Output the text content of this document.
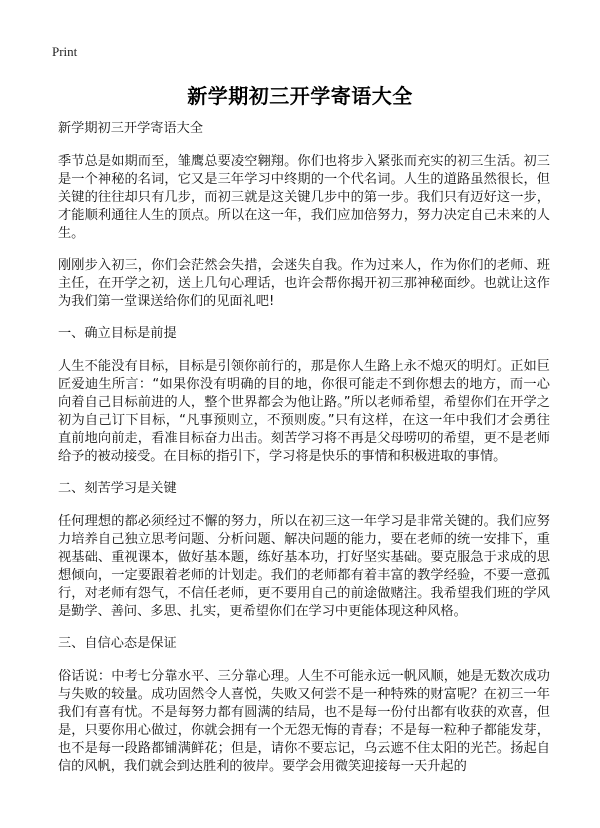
Print
新学期初三开学寄语大全

新学期初三开学寄语大全

季节总是如期而至，雏鹰总要凌空翱翔。你们也将步入紧张而充实的初三生活。初三是一个神秘的名词，它又是三年学习中终期的一个代名词。人生的道路虽然很长，但关键的往往却只有几步，而初三就是这关键几步中的第一步。我们只有迈好这一步，才能顺利通往人生的顶点。所以在这一年，我们应加倍努力，努力决定自己未来的人生。

刚刚步入初三，你们会茫然会失措，会迷失自我。作为过来人，作为你们的老师、班主任，在开学之初，送上几句心理话，也许会帮你揭开初三那神秘面纱。也就让这作为我们第一堂课送给你们的见面礼吧!

一、确立目标是前提

人生不能没有目标，目标是引领你前行的，那是你人生路上永不熄灭的明灯。正如巨匠爱迪生所言：“如果你没有明确的目的地，你很可能走不到你想去的地方，而一心向着自己目标前进的人，整个世界都会为他让路。”所以老师希望，希望你们在开学之初为自己订下目标，“凡事预则立，不预则废。”只有这样，在这一年中我们才会勇往直前地向前走，看准目标奋力出击。刻苦学习将不再是父母唠叨的希望，更不是老师给予的被动接受。在目标的指引下，学习将是快乐的事情和积极进取的事情。

二、刻苦学习是关键

任何理想的都必须经过不懈的努力，所以在初三这一年学习是非常关键的。我们应努力培养自己独立思考问题、分析问题、解决问题的能力，要在老师的统一安排下，重视基础、重视课本，做好基本题，练好基本功，打好坚实基础。要克服急于求成的思想倾向，一定要跟着老师的计划走。我们的老师都有着丰富的教学经验，不要一意孤行，对老师有怨气，不信任老师，更不要用自己的前途做赌注。我希望我们班的学风是勤学、善问、多思、扎实，更希望你们在学习中更能体现这种风格。

三、自信心态是保证

俗话说：中考七分靠水平、三分靠心理。人生不可能永远一帆风顺，她是无数次成功与失败的较量。成功固然令人喜悦，失败又何尝不是一种特殊的财富呢？在初三一年我们有喜有忧。不是每努力都有圆满的结局，也不是每一份付出都有收获的欢喜，但是，只要你用心做过，你就会拥有一个无怨无悔的青春；不是每一粒种子都能发芽，也不是每一段路都铺满鲜花；但是，请你不要忘记，乌云遮不住太阳的光芒。扬起自信的风帆，我们就会到达胜利的彼岸。要学会用微笑迎接每一天升起的
